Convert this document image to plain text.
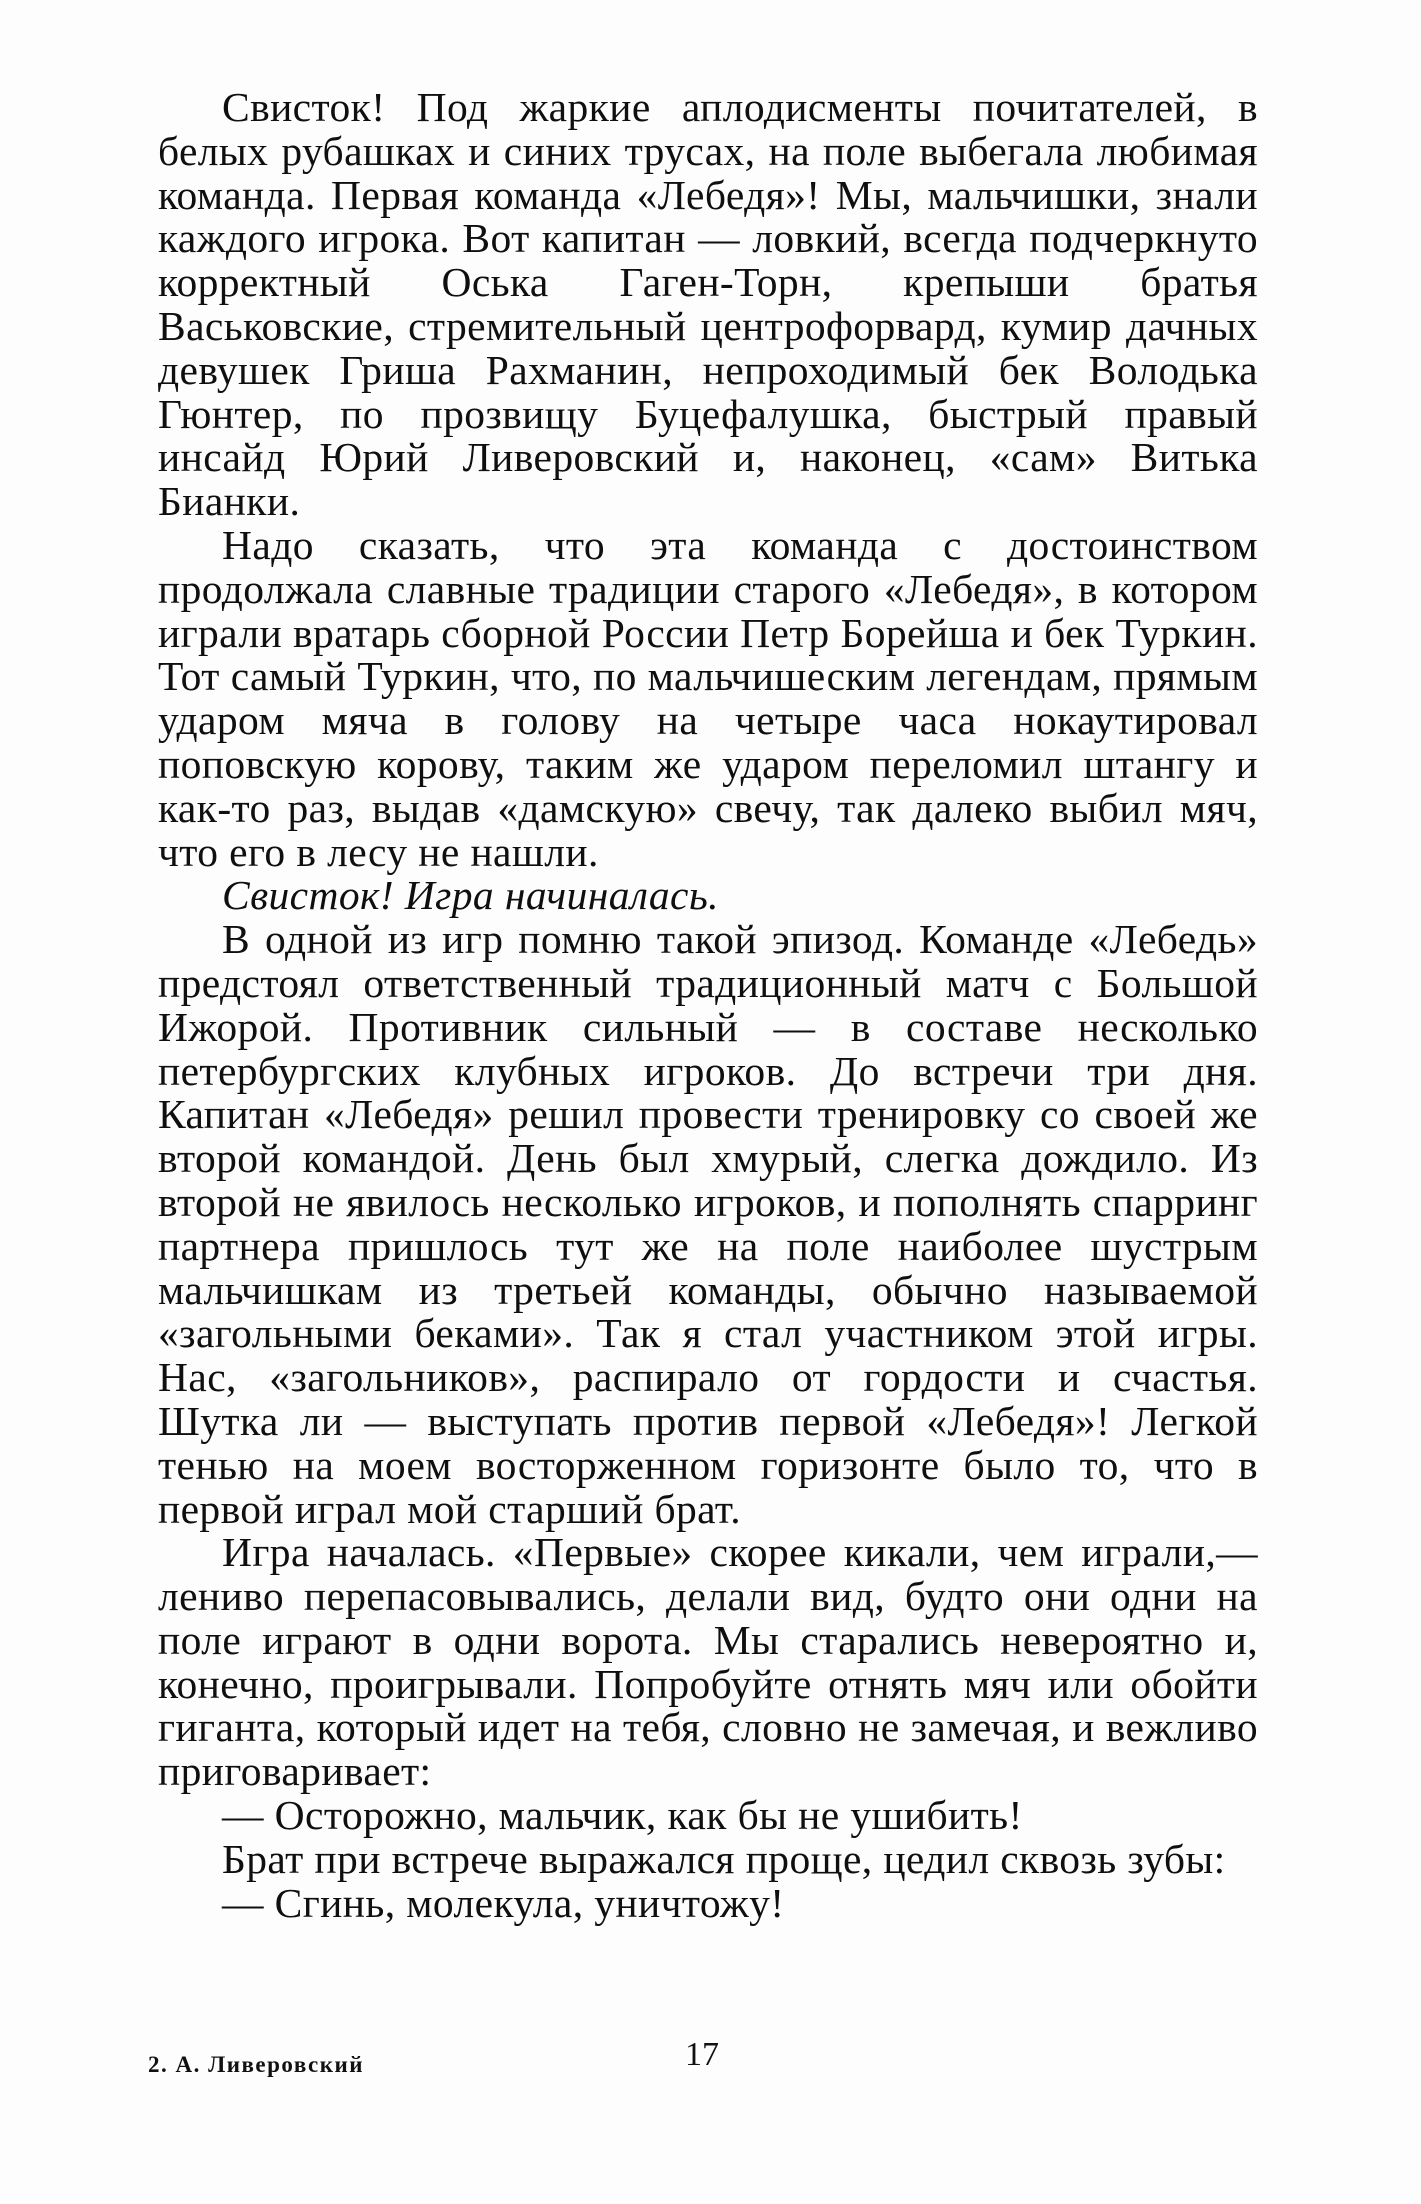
Свисток! Под жаркие аплодисменты почитателей, в белых рубашках и синих трусах, на поле выбегала любимая команда. Первая команда «Лебедя»! Мы, мальчишки, знали каждого игрока. Вот капитан — ловкий, всегда подчеркнуто корректный Оська Гаген-Торн, крепыши братья Васьковские, стремительный центрофорвард, кумир дачных девушек Гриша Рахманин, непроходимый бек Володька Гюнтер, по прозвищу Буцефалушка, быстрый правый инсайд Юрий Ливеровский и, наконец, «сам» Витька Бианки.

Надо сказать, что эта команда с достоинством продолжала славные традиции старого «Лебедя», в котором играли вратарь сборной России Петр Борейша и бек Туркин. Тот самый Туркин, что, по мальчишеским легендам, прямым ударом мяча в голову на четыре часа нокаутировал поповскую корову, таким же ударом переломил штангу и как-то раз, выдав «дамскую» свечу, так далеко выбил мяч, что его в лесу не нашли.

Свисток! Игра начиналась.

В одной из игр помню такой эпизод. Команде «Лебедь» предстоял ответственный традиционный матч с Большой Ижорой. Противник сильный — в составе несколько петербургских клубных игроков. До встречи три дня. Капитан «Лебедя» решил провести тренировку со своей же второй командой. День был хмурый, слегка дождило. Из второй не явилось несколько игроков, и пополнять спарринг партнера пришлось тут же на поле наиболее шустрым мальчишкам из третьей команды, обычно называемой «загольными беками». Так я стал участником этой игры. Нас, «загольников», распирало от гордости и счастья. Шутка ли — выступать против первой «Лебедя»! Легкой тенью на моем восторженном горизонте было то, что в первой играл мой старший брат.

Игра началась. «Первые» скорее кикали, чем играли,— лениво перепасовывались, делали вид, будто они одни на поле играют в одни ворота. Мы старались невероятно и, конечно, проигрывали. Попробуйте отнять мяч или обойти гиганта, который идет на тебя, словно не замечая, и вежливо приговаривает:

— Осторожно, мальчик, как бы не ушибить!

Брат при встрече выражался проще, цедил сквозь зубы:

— Сгинь, молекула, уничтожу!

2. А. Ливеровский	17
